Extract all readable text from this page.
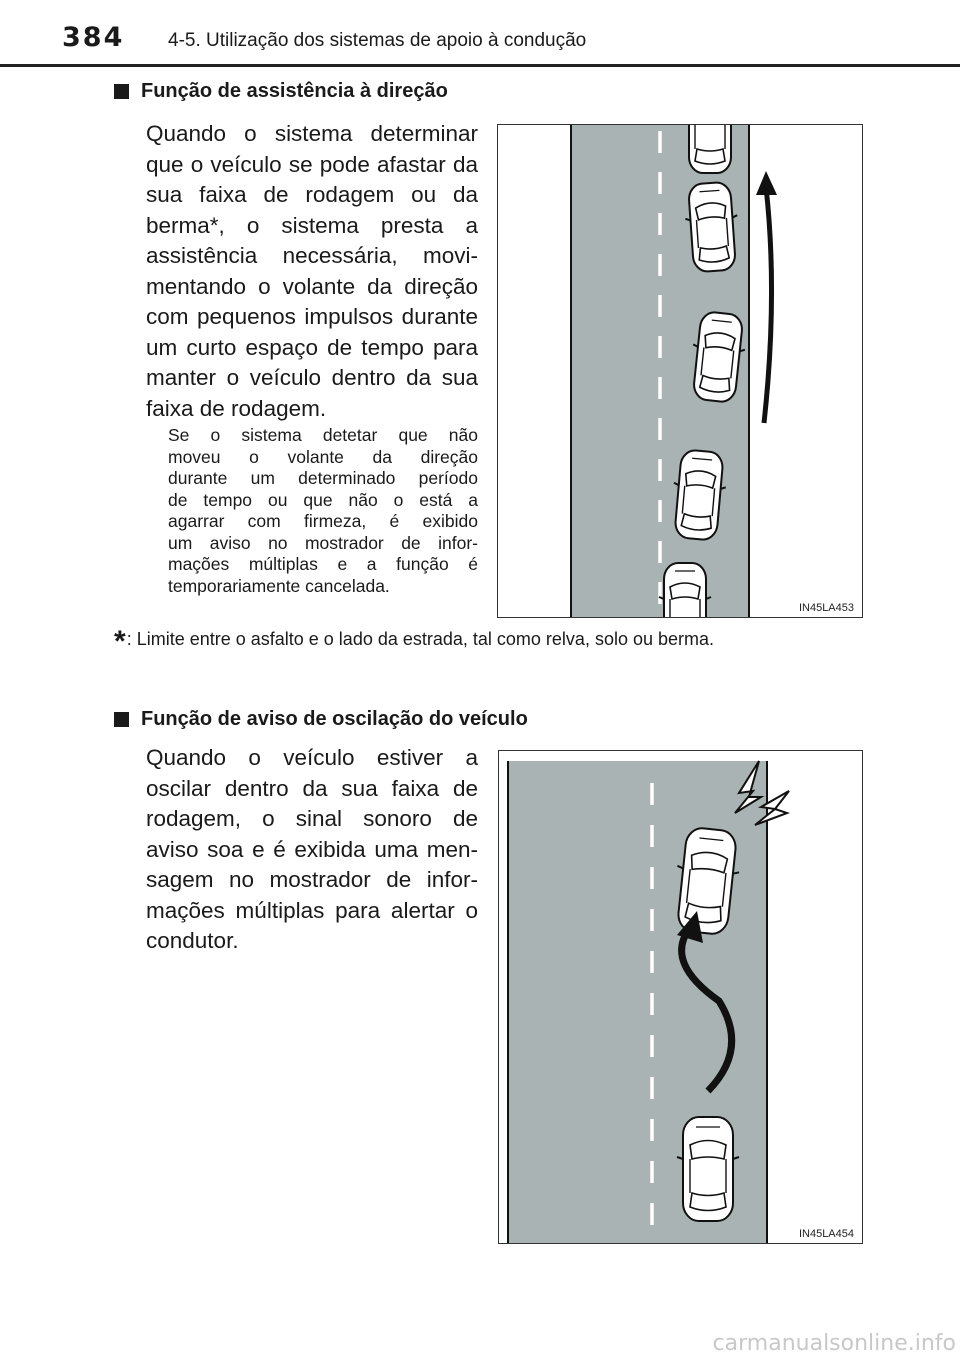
384 4-5. Utilização dos sistemas de apoio à condução
Função de assistência à direção
Quando o sistema determinar
que o veículo se pode afastar da
sua faixa de rodagem ou da
berma*, o sistema presta a
assistência necessária, movi-
mentando o volante da direção
com pequenos impulsos durante
um curto espaço de tempo para
manter o veículo dentro da sua
faixa de rodagem.
Se o sistema detetar que não
moveu o volante da direção
durante um determinado período
de tempo ou que não o está a
agarrar com firmeza, é exibido
um aviso no mostrador de infor-
mações múltiplas e a função é
temporariamente cancelada.
IN45LA453
*: Limite entre o asfalto e o lado da estrada, tal como relva, solo ou berma.
Função de aviso de oscilação do veículo
Quando o veículo estiver a
oscilar dentro da sua faixa de
rodagem, o sinal sonoro de
aviso soa e é exibida uma men-
sagem no mostrador de infor-
mações múltiplas para alertar o
condutor.
IN45LA454
carmanualsonline.info
